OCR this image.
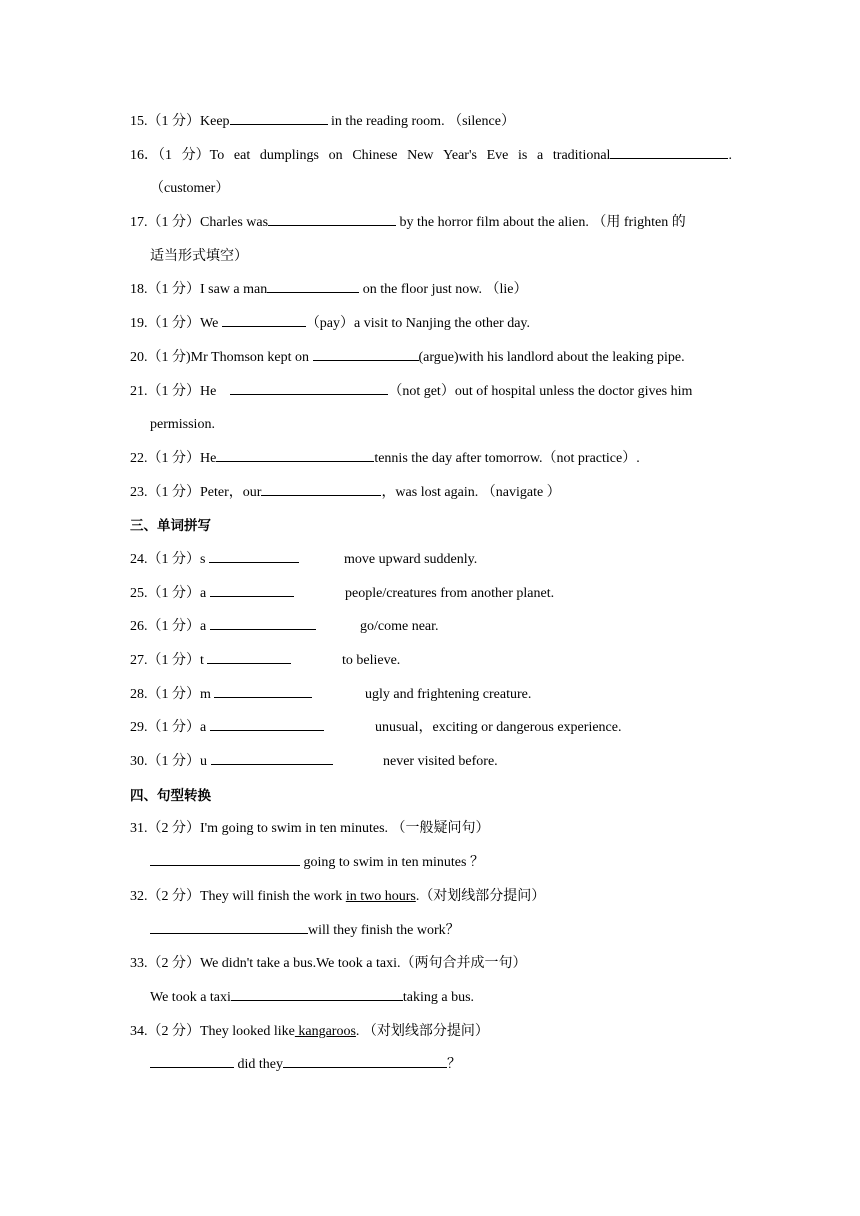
15.（1 分）Keep	in the reading room. （silence）
16．（1 分）To eat dumplings on Chinese New Year's Eve is a traditional	.
（customer）
17.（1 分）Charles was	by the horror film about the alien. （用 frighten 的
适当形式填空）
18.（1 分）I saw a man	on the floor just now. （lie）
19.（1 分）We	（pay）a visit to Nanjing the other day.
20.（1 分)Mr Thomson kept on	(argue)with his landlord about the leaking pipe.
21.（1 分）He	（not get）out of hospital unless the doctor gives him
permission.
22.（1 分）He	tennis the day after tomorrow.（not practice）.
23.（1 分）Peter，our	，was lost again. （navigate ）
三、单词拼写
24.（1 分）s	move upward suddenly.
25.（1 分）a	people/creatures from another planet.
26.（1 分）a	go/come near.
27.（1 分）t	to believe.
28.（1 分）m	ugly and frightening creature.
29.（1 分）a	unusual，exciting or dangerous experience.
30.（1 分）u	never visited before.
四、句型转换
31.（2 分）I'm going to swim in ten minutes. （一般疑问句）
going to swim in ten minutes ？
32.（2 分）They will finish the work in two hours.（对划线部分提问）
will they finish the work？
33.（2 分）We didn't take a bus.We took a taxi.（两句合并成一句）
We took a taxi	taking a bus.
34.（2 分）They looked like kangaroos. （对划线部分提问）
did they	？
